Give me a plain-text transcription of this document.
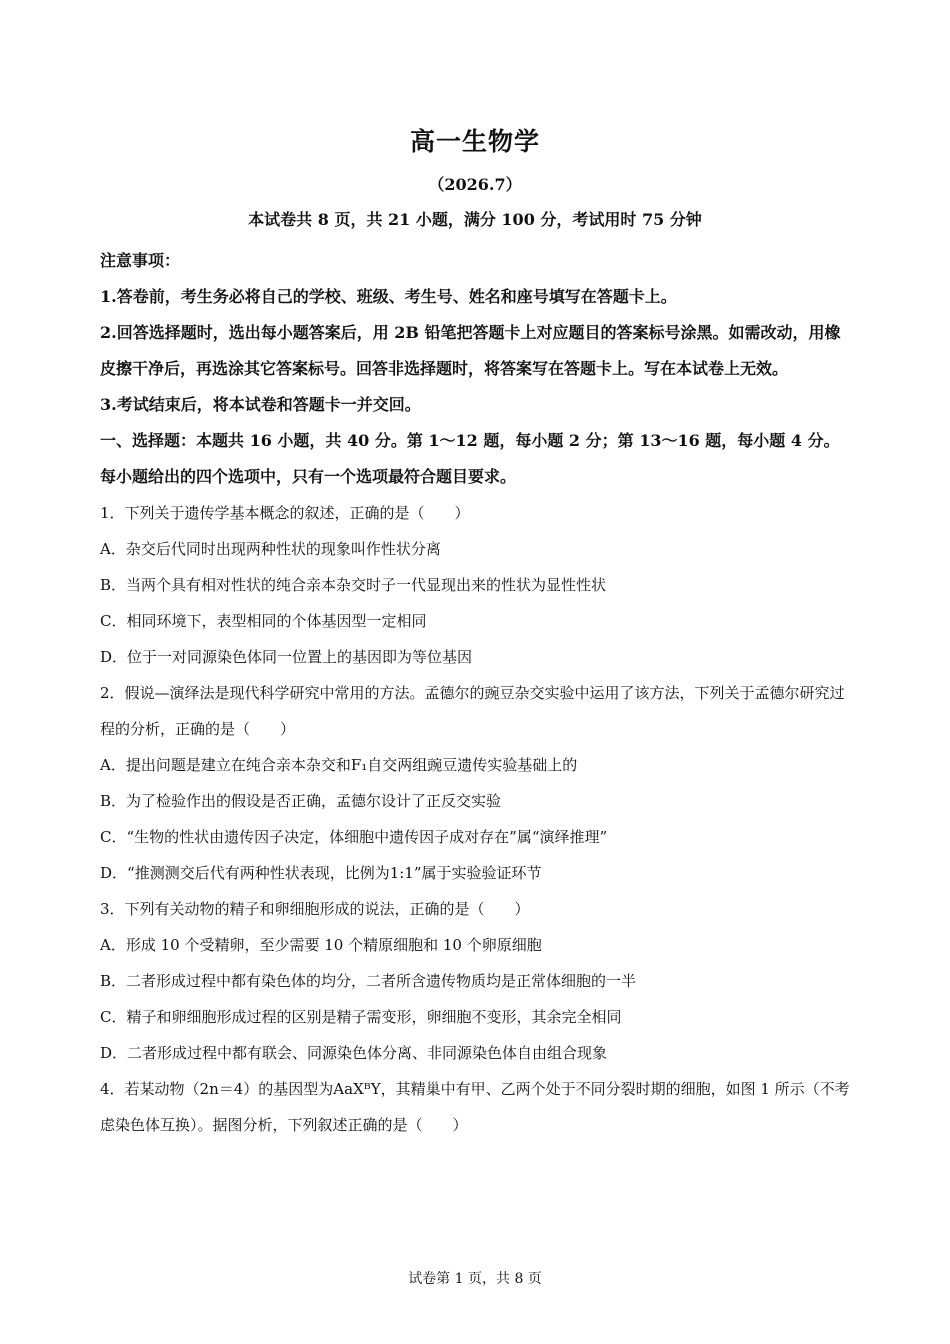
高一生物学
（2026.7）
本试卷共 8 页，共 21 小题，满分 100 分，考试用时 75 分钟

注意事项：

1.答卷前，考生务必将自己的学校、班级、考生号、姓名和座号填写在答题卡上。

2.回答选择题时，选出每小题答案后，用 2B 铅笔把答题卡上对应题目的答案标号涂黑。如需改动，用橡皮擦干净后，再选涂其它答案标号。回答非选择题时，将答案写在答题卡上。写在本试卷上无效。

3.考试结束后，将本试卷和答题卡一并交回。

一、选择题：本题共 16 小题，共 40 分。第 1～12 题，每小题 2 分；第 13～16 题，每小题 4 分。每小题给出的四个选项中，只有一个选项最符合题目要求。

1．下列关于遗传学基本概念的叙述，正确的是（　　）

A．杂交后代同时出现两种性状的现象叫作性状分离

B．当两个具有相对性状的纯合亲本杂交时子一代显现出来的性状为显性性状

C．相同环境下，表型相同的个体基因型一定相同

D．位于一对同源染色体同一位置上的基因即为等位基因

2．假说—演绎法是现代科学研究中常用的方法。孟德尔的豌豆杂交实验中运用了该方法，下列关于孟德尔研究过程的分析，正确的是（　　）

A．提出问题是建立在纯合亲本杂交和F₁自交两组豌豆遗传实验基础上的

B．为了检验作出的假设是否正确，孟德尔设计了正反交实验

C．“生物的性状由遗传因子决定，体细胞中遗传因子成对存在”属“演绎推理”

D．“推测测交后代有两种性状表现，比例为1:1”属于实验验证环节

3．下列有关动物的精子和卵细胞形成的说法，正确的是（　　）

A．形成 10 个受精卵，至少需要 10 个精原细胞和 10 个卵原细胞

B．二者形成过程中都有染色体的均分，二者所含遗传物质均是正常体细胞的一半

C．精子和卵细胞形成过程的区别是精子需变形，卵细胞不变形，其余完全相同

D．二者形成过程中都有联会、同源染色体分离、非同源染色体自由组合现象

4．若某动物（2n＝4）的基因型为AaXᴮY，其精巢中有甲、乙两个处于不同分裂时期的细胞，如图 1 所示（不考虑染色体互换）。据图分析，下列叙述正确的是（　　）

试卷第 1 页，共 8 页
